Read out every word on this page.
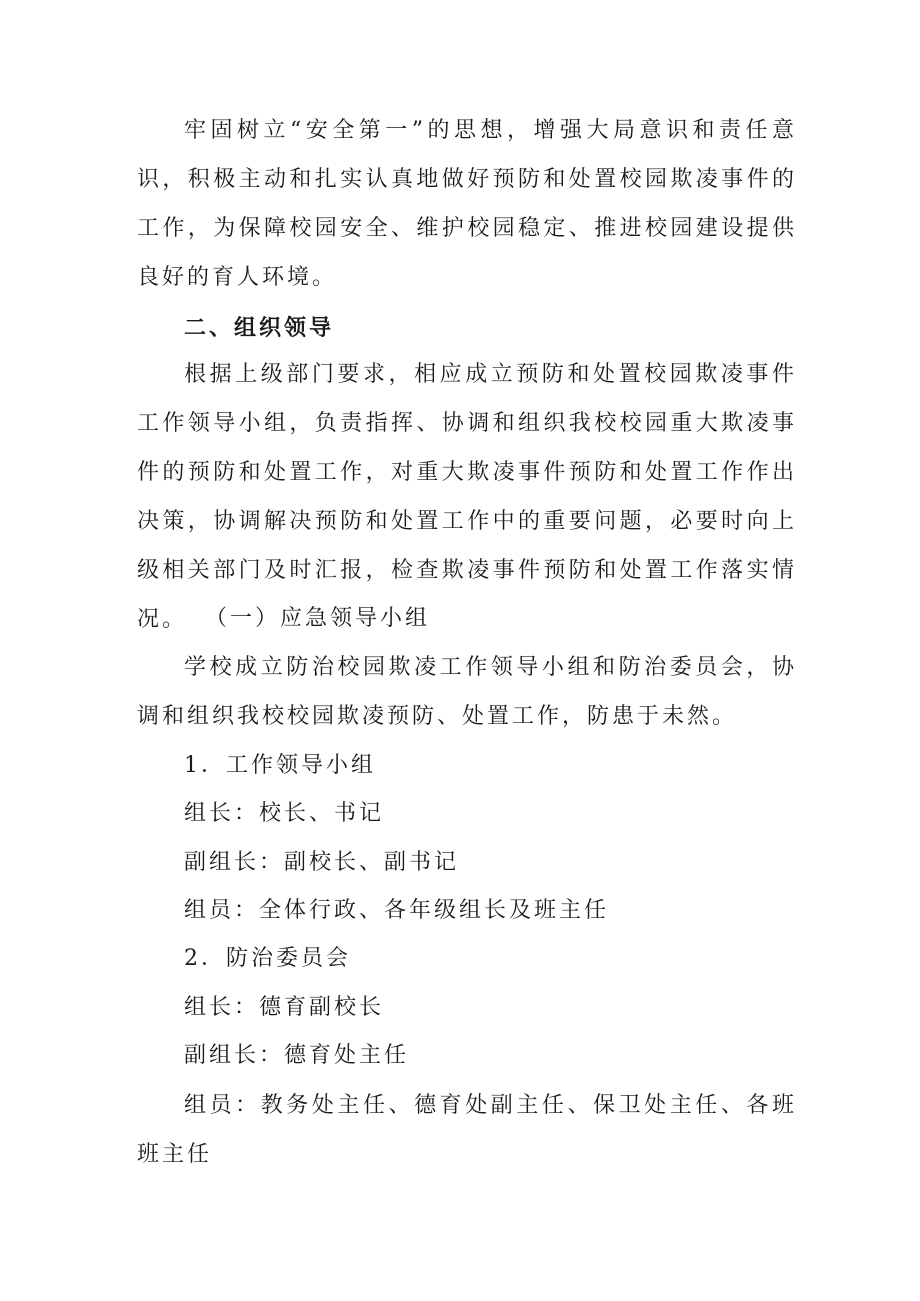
牢固树立“安全第一”的思想，增强大局意识和责任意识，积极主动和扎实认真地做好预防和处置校园欺凌事件的工作，为保障校园安全、维护校园稳定、推进校园建设提供良好的育人环境。

二、组织领导

根据上级部门要求，相应成立预防和处置校园欺凌事件工作领导小组，负责指挥、协调和组织我校校园重大欺凌事件的预防和处置工作，对重大欺凌事件预防和处置工作作出决策，协调解决预防和处置工作中的重要问题，必要时向上级相关部门及时汇报，检查欺凌事件预防和处置工作落实情况。 （一）应急领导小组

学校成立防治校园欺凌工作领导小组和防治委员会，协调和组织我校校园欺凌预防、处置工作，防患于未然。

1．工作领导小组

组长：校长、书记

副组长：副校长、副书记

组员：全体行政、各年级组长及班主任

2．防治委员会

组长：德育副校长

副组长：德育处主任

组员：教务处主任、德育处副主任、保卫处主任、各班班主任
